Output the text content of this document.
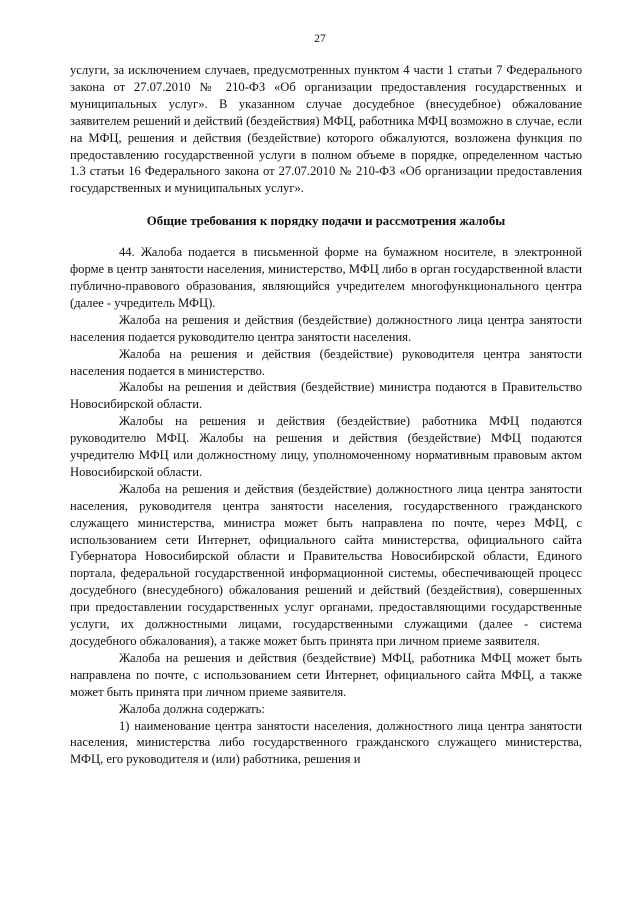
27

услуги, за исключением случаев, предусмотренных пунктом 4 части 1 статьи 7 Федерального закона от 27.07.2010 № 210-ФЗ «Об организации предоставления государственных и муниципальных услуг». В указанном случае досудебное (внесудебное) обжалование заявителем решений и действий (бездействия) МФЦ, работника МФЦ возможно в случае, если на МФЦ, решения и действия (бездействие) которого обжалуются, возложена функция по предоставлению государственной услуги в полном объеме в порядке, определенном частью 1.3 статьи 16 Федерального закона от 27.07.2010 № 210-ФЗ «Об организации предоставления государственных и муниципальных услуг».

Общие требования к порядку подачи и рассмотрения жалобы

44. Жалоба подается в письменной форме на бумажном носителе, в электронной форме в центр занятости населения, министерство, МФЦ либо в орган государственной власти публично-правового образования, являющийся учредителем многофункционального центра (далее - учредитель МФЦ).

Жалоба на решения и действия (бездействие) должностного лица центра занятости населения подается руководителю центра занятости населения.

Жалоба на решения и действия (бездействие) руководителя центра занятости населения подается в министерство.

Жалобы на решения и действия (бездействие) министра подаются в Правительство Новосибирской области.

Жалобы на решения и действия (бездействие) работника МФЦ подаются руководителю МФЦ. Жалобы на решения и действия (бездействие) МФЦ подаются учредителю МФЦ или должностному лицу, уполномоченному нормативным правовым актом Новосибирской области.

Жалоба на решения и действия (бездействие) должностного лица центра занятости населения, руководителя центра занятости населения, государственного гражданского служащего министерства, министра может быть направлена по почте, через МФЦ, с использованием сети Интернет, официального сайта министерства, официального сайта Губернатора Новосибирской области и Правительства Новосибирской области, Единого портала, федеральной государственной информационной системы, обеспечивающей процесс досудебного (внесудебного) обжалования решений и действий (бездействия), совершенных при предоставлении государственных услуг органами, предоставляющими государственные услуги, их должностными лицами, государственными служащими (далее - система досудебного обжалования), а также может быть принята при личном приеме заявителя.

Жалоба на решения и действия (бездействие) МФЦ, работника МФЦ может быть направлена по почте, с использованием сети Интернет, официального сайта МФЦ, а также может быть принята при личном приеме заявителя.

Жалоба должна содержать:

1) наименование центра занятости населения, должностного лица центра занятости населения, министерства либо государственного гражданского служащего министерства, МФЦ, его руководителя и (или) работника, решения и
